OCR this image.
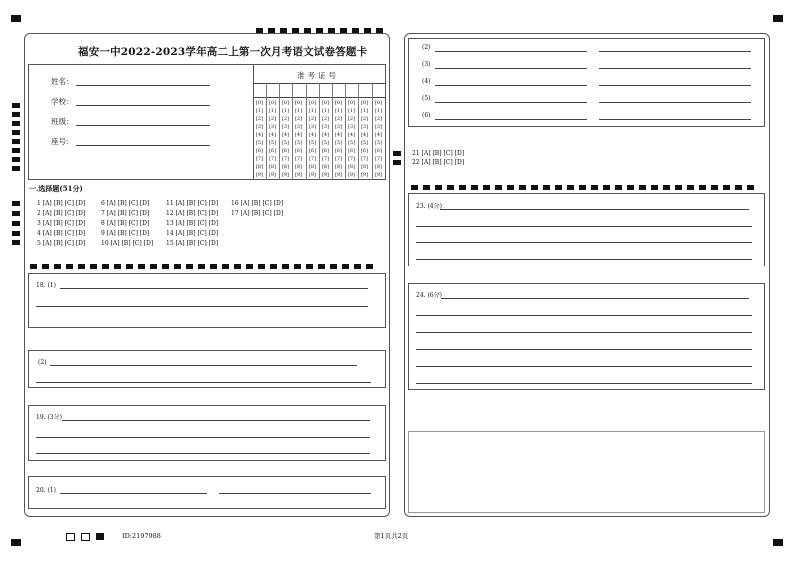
福安一中2022-2023学年高二上第一次月考语文试卷答题卡
姓名：
学校：
班级：
座号：
准考证号
[0]
[1]
[2]
[3]
[4]
[5]
[6]
[7]
[8]
[9]
[0]
[1]
[2]
[3]
[4]
[5]
[6]
[7]
[8]
[9]
[0]
[1]
[2]
[3]
[4]
[5]
[6]
[7]
[8]
[9]
[0]
[1]
[2]
[3]
[4]
[5]
[6]
[7]
[8]
[9]
[0]
[1]
[2]
[3]
[4]
[5]
[6]
[7]
[8]
[9]
[0]
[1]
[2]
[3]
[4]
[5]
[6]
[7]
[8]
[9]
[0]
[1]
[2]
[3]
[4]
[5]
[6]
[7]
[8]
[9]
[0]
[1]
[2]
[3]
[4]
[5]
[6]
[7]
[8]
[9]
[0]
[1]
[2]
[3]
[4]
[5]
[6]
[7]
[8]
[9]
[0]
[1]
[2]
[3]
[4]
[5]
[6]
[7]
[8]
[9]
一.选择题(51分)
1 [A] [B] [C] [D]
2 [A] [B] [C] [D]
3 [A] [B] [C] [D]
4 [A] [B] [C] [D]
5 [A] [B] [C] [D]
6 [A] [B] [C] [D]
7 [A] [B] [C] [D]
8 [A] [B] [C] [D]
9 [A] [B] [C] [D]
10 [A] [B] [C] [D]
11 [A] [B] [C] [D]
12 [A] [B] [C] [D]
13 [A] [B] [C] [D]
14 [A] [B] [C] [D]
15 [A] [B] [C] [D]
16 [A] [B] [C] [D]
17 [A] [B] [C] [D]
18. (1)
(2)
19. (3分)
20. (1)
(2)
(3)
(4)
(5)
(6)
21 [A] [B] [C] [D]
22 [A] [B] [C] [D]
23. (4分)
24. (6分)
ID:2197988	第1页共2页
